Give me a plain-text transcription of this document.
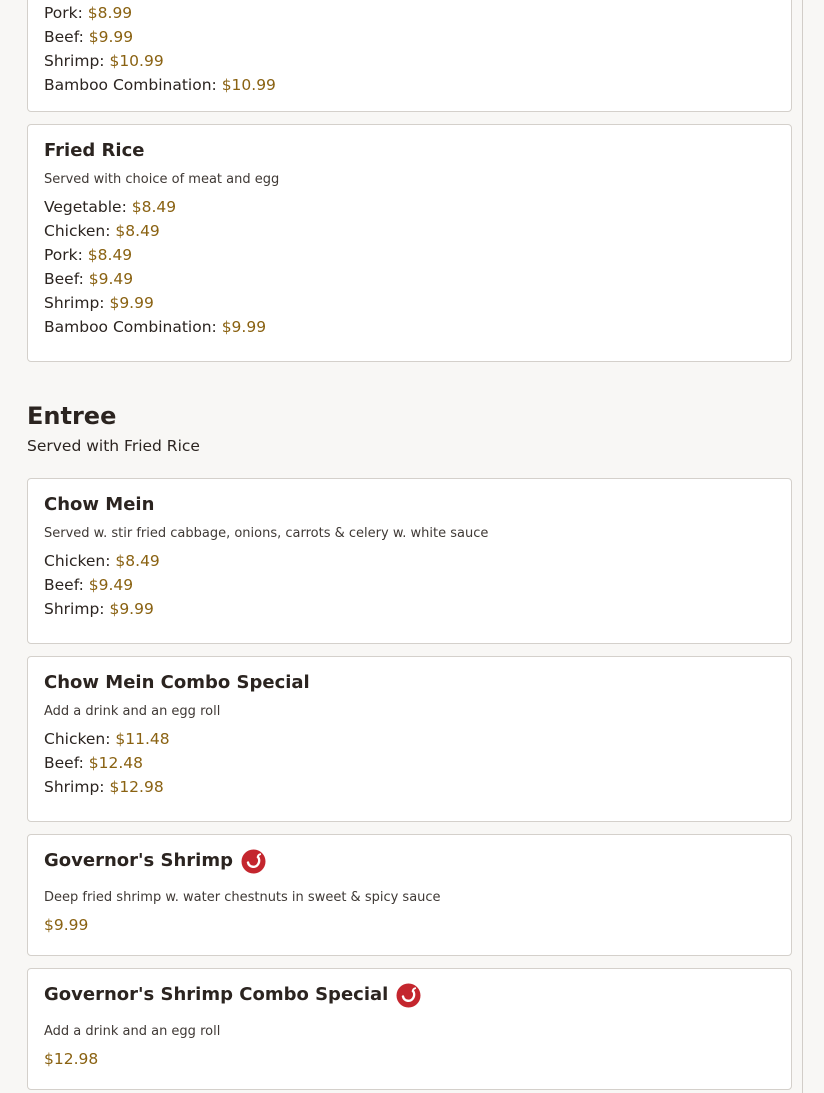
Pork: $8.99
Beef: $9.99
Shrimp: $10.99
Bamboo Combination: $10.99
Fried Rice
Served with choice of meat and egg
Vegetable: $8.49
Chicken: $8.49
Pork: $8.49
Beef: $9.49
Shrimp: $9.99
Bamboo Combination: $9.99
Entree
Served with Fried Rice
Chow Mein
Served w. stir fried cabbage, onions, carrots & celery w. white sauce
Chicken: $8.49
Beef: $9.49
Shrimp: $9.99
Chow Mein Combo Special
Add a drink and an egg roll
Chicken: $11.48
Beef: $12.48
Shrimp: $12.98
Governor's Shrimp
Deep fried shrimp w. water chestnuts in sweet & spicy sauce
$9.99
Governor's Shrimp Combo Special
Add a drink and an egg roll
$12.98
